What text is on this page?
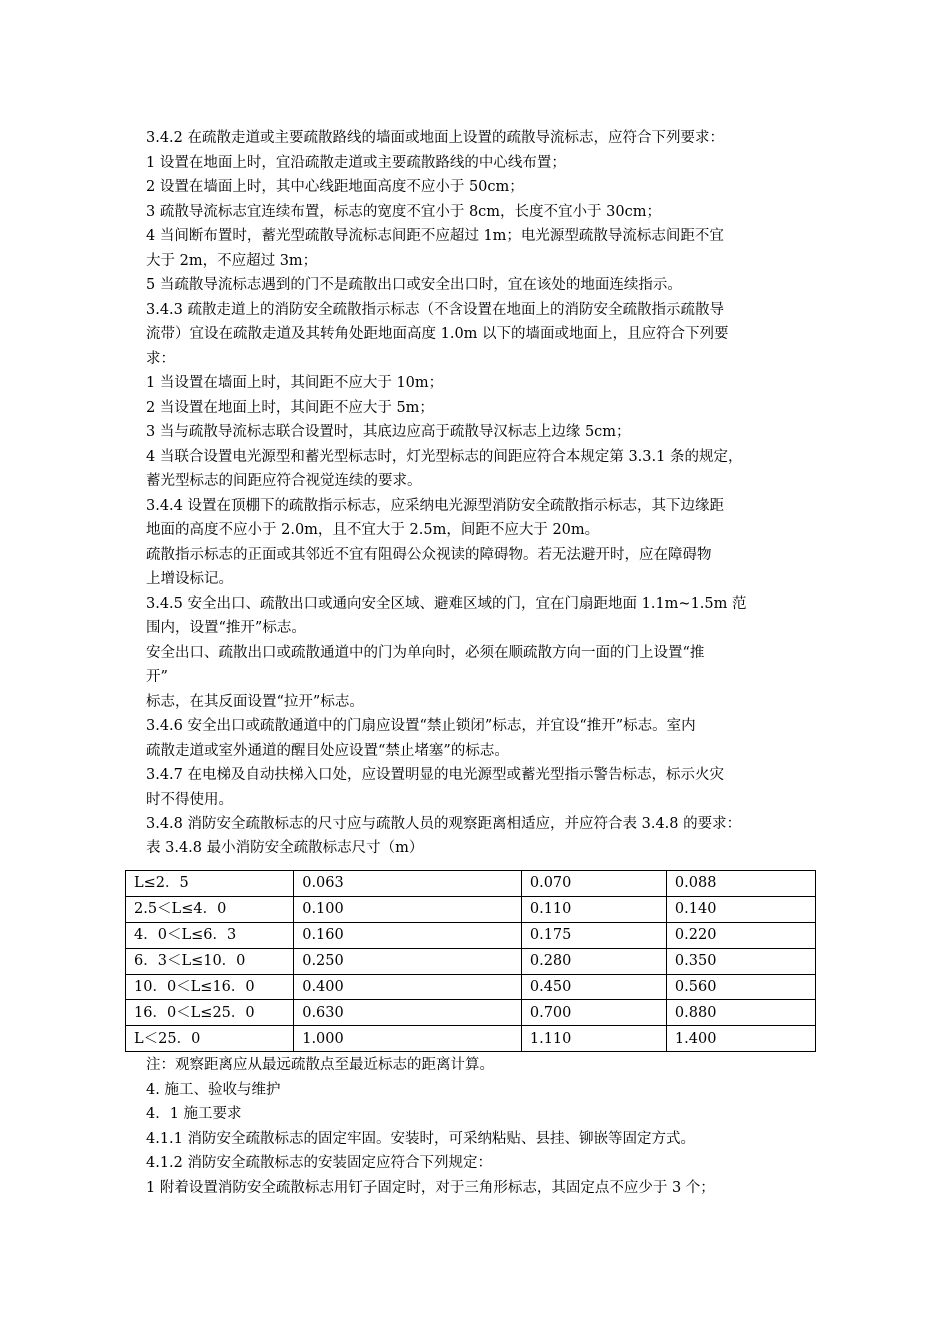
3.4.2 在疏散走道或主要疏散路线的墙面或地面上设置的疏散导流标志，应符合下列要求：
1 设置在地面上时，宜沿疏散走道或主要疏散路线的中心线布置；
2 设置在墙面上时，其中心线距地面高度不应小于 50cm；
3 疏散导流标志宜连续布置，标志的宽度不宜小于 8cm，长度不宜小于 30cm；
4 当间断布置时，蓄光型疏散导流标志间距不应超过 1m；电光源型疏散导流标志间距不宜
大于 2m，不应超过 3m；
5 当疏散导流标志遇到的门不是疏散出口或安全出口时，宜在该处的地面连续指示。
3.4.3 疏散走道上的消防安全疏散指示标志（不含设置在地面上的消防安全疏散指示疏散导
流带）宜设在疏散走道及其转角处距地面高度 1.0m 以下的墙面或地面上，且应符合下列要
求：
1 当设置在墙面上时，其间距不应大于 10m；
2 当设置在地面上时，其间距不应大于 5m；
3 当与疏散导流标志联合设置时，其底边应高于疏散导汉标志上边缘 5cm；
4 当联合设置电光源型和蓄光型标志时，灯光型标志的间距应符合本规定第 3.3.1 条的规定，
蓄光型标志的间距应符合视觉连续的要求。
3.4.4 设置在顶棚下的疏散指示标志，应采纳电光源型消防安全疏散指示标志，其下边缘距
地面的高度不应小于 2.0m，且不宜大于 2.5m，间距不应大于 20m。
疏散指示标志的正面或其邻近不宜有阻碍公众视读的障碍物。若无法避开时，应在障碍物
上增设标记。
3.4.5 安全出口、疏散出口或通向安全区域、避难区域的门，宜在门扇距地面 1.1m~1.5m 范
围内，设置“推开”标志。
安全出口、疏散出口或疏散通道中的门为单向时，必须在顺疏散方向一面的门上设置“推
开”
标志，在其反面设置“拉开”标志。
3.4.6 安全出口或疏散通道中的门扇应设置“禁止锁闭”标志，并宜设“推开”标志。室内
疏散走道或室外通道的醒目处应设置“禁止堵塞”的标志。
3.4.7 在电梯及自动扶梯入口处，应设置明显的电光源型或蓄光型指示警告标志，标示火灾
时不得使用。
3.4.8 消防安全疏散标志的尺寸应与疏散人员的观察距离相适应，并应符合表 3.4.8 的要求：
表 3.4.8 最小消防安全疏散标志尺寸（m）
L≤2．5	0.063	0.070	0.088
2.5＜L≤4．0	0.100	0.110	0.140
4．0＜L≤6．3	0.160	0.175	0.220
6．3＜L≤10．0	0.250	0.280	0.350
10．0＜L≤16．0	0.400	0.450	0.560
16．0＜L≤25．0	0.630	0.700	0.880
L＜25．0	1.000	1.110	1.400
注：观察距离应从最远疏散点至最近标志的距离计算。
4. 施工、验收与维护
4．1 施工要求
4.1.1 消防安全疏散标志的固定牢固。安装时，可采纳粘贴、县挂、铆嵌等固定方式。
4.1.2 消防安全疏散标志的安装固定应符合下列规定：
1 附着设置消防安全疏散标志用钉子固定时，对于三角形标志，其固定点不应少于 3 个；
